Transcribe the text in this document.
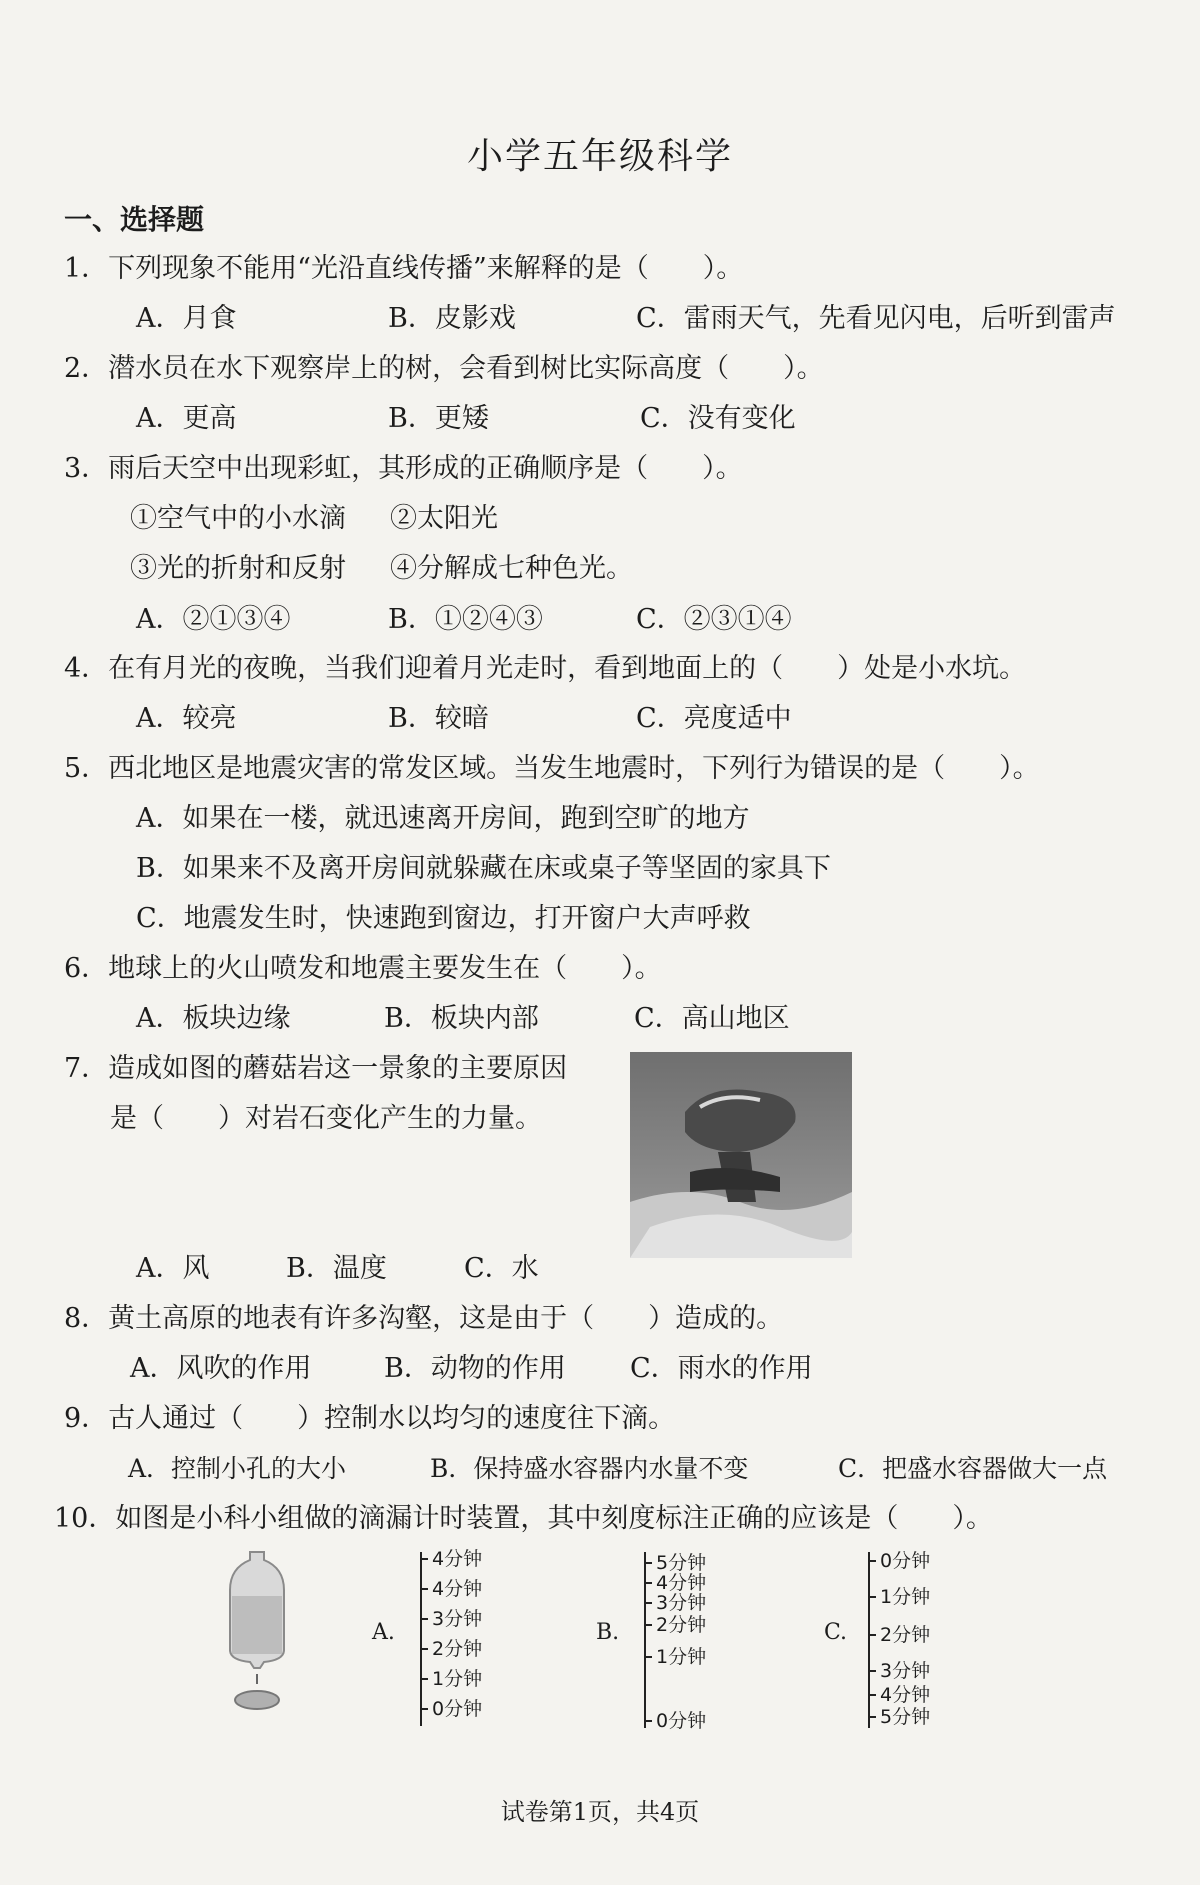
小学五年级科学
一、选择题
1．下列现象不能用“光沿直线传播”来解释的是（　　）。
A．月食	B．皮影戏	C．雷雨天气，先看见闪电，后听到雷声
2．潜水员在水下观察岸上的树，会看到树比实际高度（　　）。
A．更高	B．更矮	C．没有变化
3．雨后天空中出现彩虹，其形成的正确顺序是（　　）。
①空气中的小水滴 ②太阳光
③光的折射和反射 ④分解成七种色光。
A．②①③④	B．①②④③	C．②③①④
4．在有月光的夜晚，当我们迎着月光走时，看到地面上的（　　）处是小水坑。
A．较亮	B．较暗	C．亮度适中
5．西北地区是地震灾害的常发区域。当发生地震时，下列行为错误的是（　　）。
A．如果在一楼，就迅速离开房间，跑到空旷的地方
B．如果来不及离开房间就躲藏在床或桌子等坚固的家具下
C．地震发生时，快速跑到窗边，打开窗户大声呼救
6．地球上的火山喷发和地震主要发生在（　　）。
A．板块边缘	B．板块内部	C．高山地区
7．造成如图的蘑菇岩这一景象的主要原因
是（　　）对岩石变化产生的力量。
A．风	B．温度	C．水
8．黄土高原的地表有许多沟壑，这是由于（　　）造成的。
A．风吹的作用	B．动物的作用 C．雨水的作用
9．古人通过（　　）控制水以均匀的速度往下滴。
A．控制小孔的大小	B．保持盛水容器内水量不变	C．把盛水容器做大一点
10．如图是小科小组做的滴漏计时装置，其中刻度标注正确的应该是（　　）。
A.	B.	C.
4分钟
4分钟
3分钟
2分钟
1分钟
0分钟
5分钟
4分钟
3分钟
2分钟
1分钟
0分钟
0分钟
1分钟
2分钟
3分钟
4分钟
5分钟
试卷第1页，共4页
